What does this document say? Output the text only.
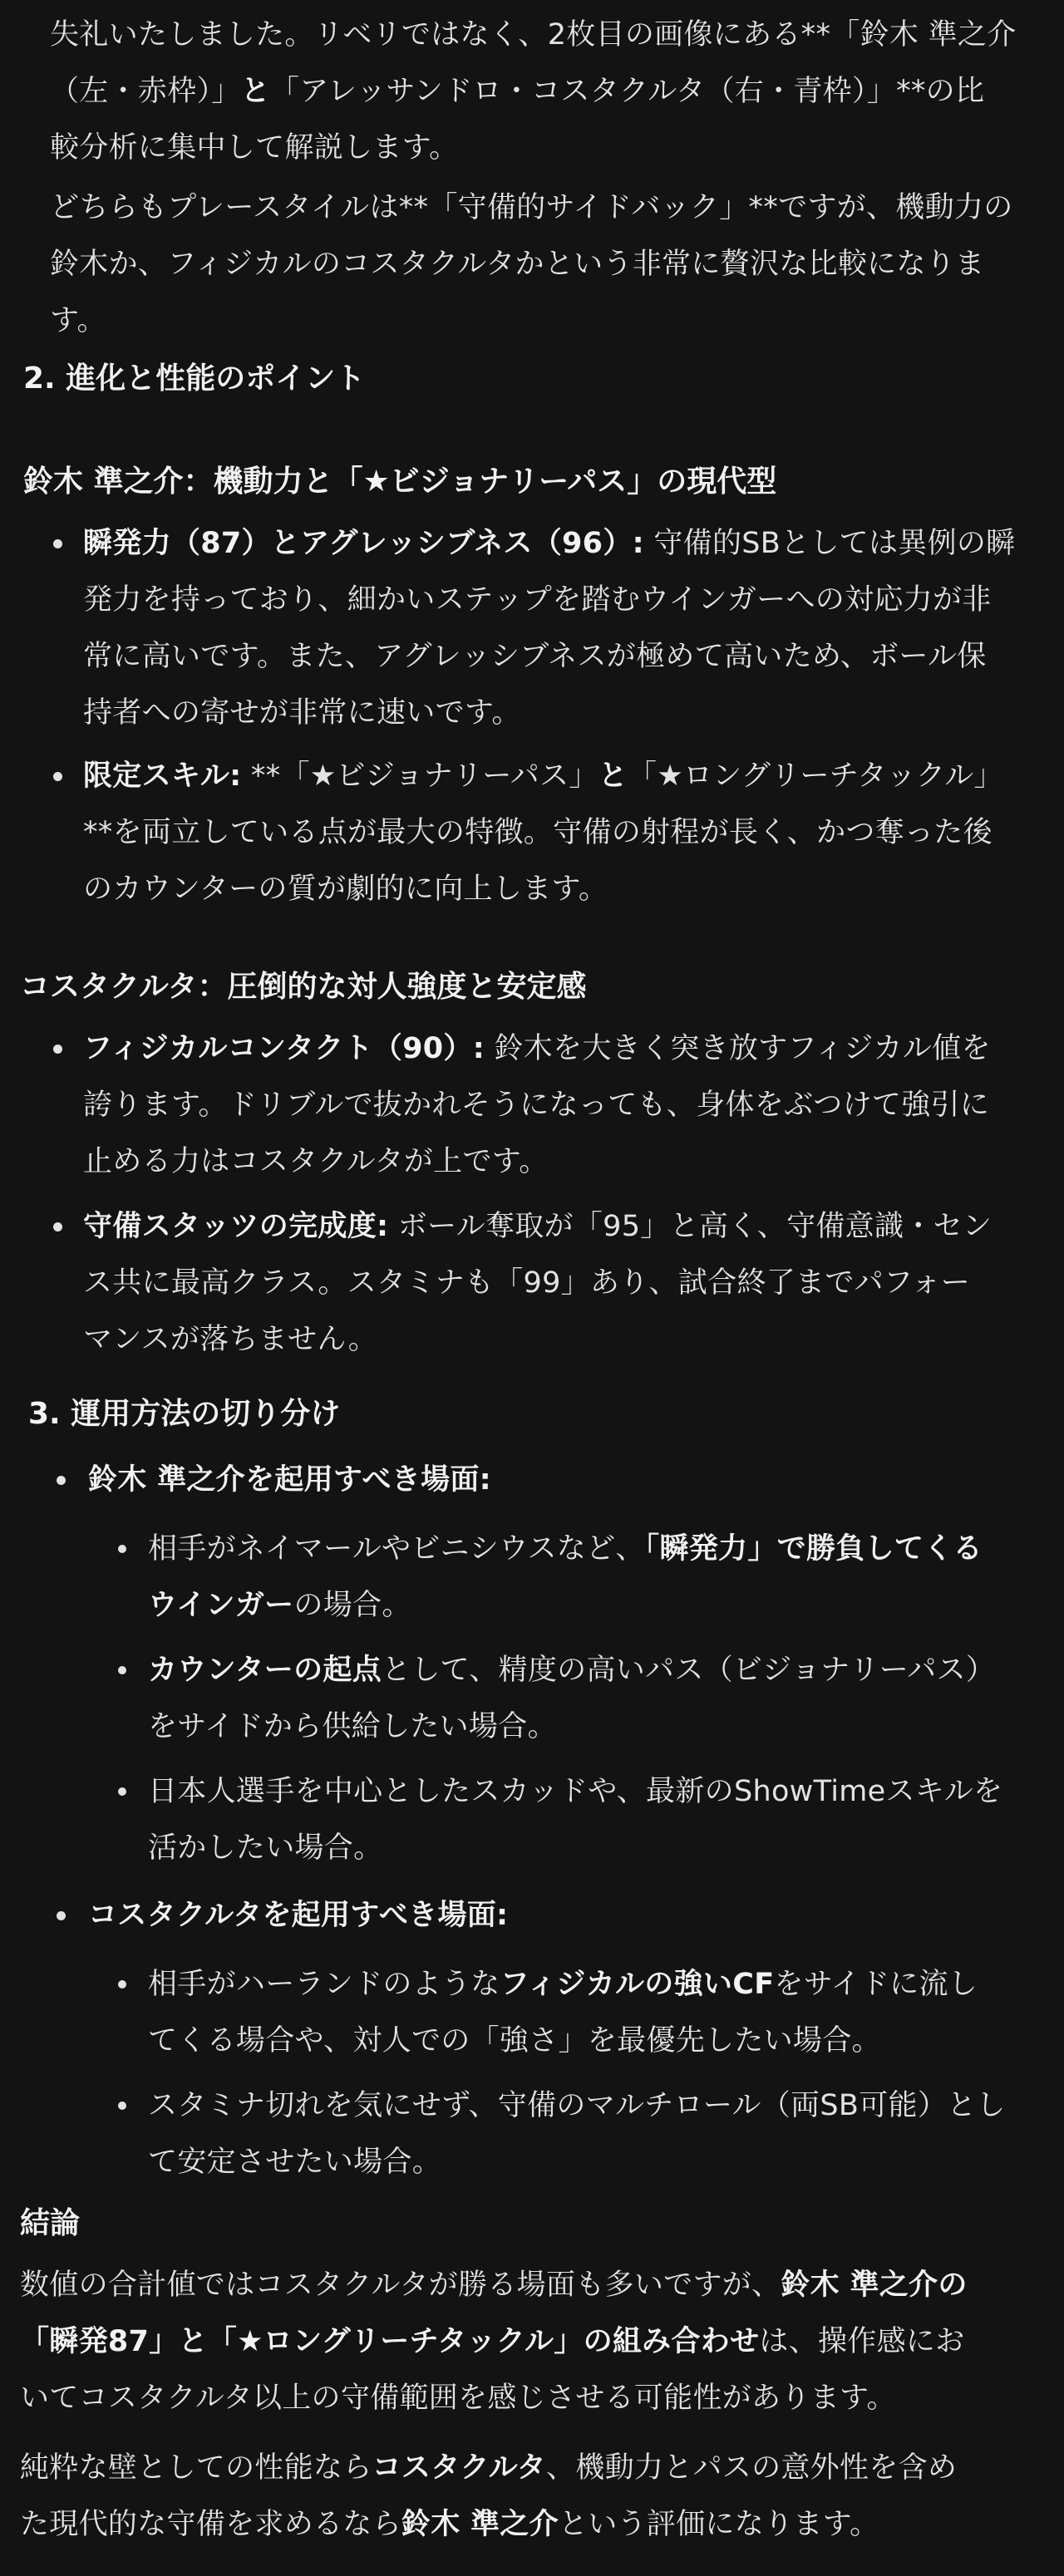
失礼いたしました。リベリではなく、2枚目の画像にある**「鈴木 準之介
（左・赤枠）」と「アレッサンドロ・コスタクルタ（右・青枠）」**の比
較分析に集中して解説します。
どちらもプレースタイルは**「守備的サイドバック」**ですが、機動力の
鈴木か、フィジカルのコスタクルタかという非常に贅沢な比較になりま
す。
2. 進化と性能のポイント
鈴木 準之介：機動力と「★ビジョナリーパス」の現代型
瞬発力（87）とアグレッシブネス（96）: 守備的SBとしては異例の瞬
発力を持っており、細かいステップを踏むウインガーへの対応力が非
常に高いです。また、アグレッシブネスが極めて高いため、ボール保
持者への寄せが非常に速いです。
限定スキル: **「★ビジョナリーパス」と「★ロングリーチタックル」
**を両立している点が最大の特徴。守備の射程が長く、かつ奪った後
のカウンターの質が劇的に向上します。
コスタクルタ：圧倒的な対人強度と安定感
フィジカルコンタクト（90）: 鈴木を大きく突き放すフィジカル値を
誇ります。ドリブルで抜かれそうになっても、身体をぶつけて強引に
止める力はコスタクルタが上です。
守備スタッツの完成度: ボール奪取が「95」と高く、守備意識・セン
ス共に最高クラス。スタミナも「99」あり、試合終了までパフォー
マンスが落ちません。
3. 運用方法の切り分け
鈴木 準之介を起用すべき場面:
相手がネイマールやビニシウスなど、「瞬発力」で勝負してくる
ウインガーの場合。
カウンターの起点として、精度の高いパス（ビジョナリーパス）
をサイドから供給したい場合。
日本人選手を中心としたスカッドや、最新のShowTimeスキルを
活かしたい場合。
コスタクルタを起用すべき場面:
相手がハーランドのようなフィジカルの強いCFをサイドに流し
てくる場合や、対人での「強さ」を最優先したい場合。
スタミナ切れを気にせず、守備のマルチロール（両SB可能）とし
て安定させたい場合。
結論
数値の合計値ではコスタクルタが勝る場面も多いですが、鈴木 準之介の
「瞬発87」と「★ロングリーチタックル」の組み合わせは、操作感にお
いてコスタクルタ以上の守備範囲を感じさせる可能性があります。
純粋な壁としての性能ならコスタクルタ、機動力とパスの意外性を含め
た現代的な守備を求めるなら鈴木 準之介という評価になります。
